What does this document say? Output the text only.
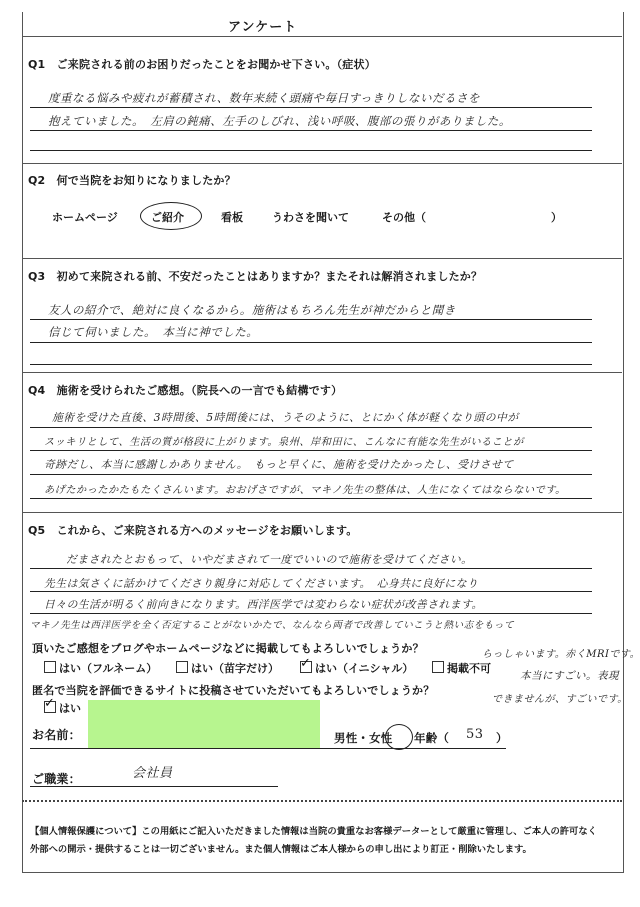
アンケート
Q1　ご来院される前のお困りだったことをお聞かせ下さい。（症状）
度重なる悩みや疲れが蓄積され、数年来続く頭痛や毎日すっきりしないだるさを
抱えていました。　左肩の鈍痛、左手のしびれ、浅い呼吸、腹部の張りがありました。
Q2　何で当院をお知りになりましたか？
ホームページ	ご紹介	看板	うわさを聞いて	その他（	）
Q3　初めて来院される前、不安だったことはありますか？またそれは解消されましたか？
友人の紹介で、絶対に良くなるから。施術はもちろん先生が神だからと聞き
信じて伺いました。　本当に神でした。
Q4　施術を受けられたご感想。（院長への一言でも結構です）
施術を受けた直後、3時間後、5時間後には、うそのように、とにかく体が軽くなり頭の中が
スッキリとして、生活の質が格段に上がります。泉州、岸和田に、こんなに有能な先生がいることが
奇跡だし、本当に感謝しかありません。　もっと早くに、施術を受けたかったし、受けさせて
あげたかったかたもたくさんいます。おおげさですが、マキノ先生の整体は、人生になくてはならないです。
Q5　これから、ご来院される方へのメッセージをお願いします。
だまされたとおもって、いやだまされて一度でいいので施術を受けてください。
先生は気さくに話かけてくださり親身に対応してくださいます。　心身共に良好になり
日々の生活が明るく前向きになります。西洋医学では変わらない症状が改善されます。
マキノ先生は西洋医学を全く否定することがないかたで、なんなら両者で改善していこうと熱い志をもって
らっしゃいます。赤くMRIです。
本当にすごい。表現
できませんが、すごいです。
頂いたご感想をブログやホームページなどに掲載してもよろしいでしょうか？
はい（フルネーム）	はい（苗字だけ）
✓	はい（イニシャル）	掲載不可
匿名で当院を評価できるサイトに投稿させていただいてもよろしいでしょうか？
✓はい
お名前：	男性・女性 年齢（ 53 ）
ご職業：	会社員
【個人情報保護について】この用紙にご記入いただきました情報は当院の貴重なお客様データーとして厳重に管理し、ご本人の許可なく
外部への開示・提供することは一切ございません。また個人情報はご本人様からの申し出により訂正・削除いたします。
